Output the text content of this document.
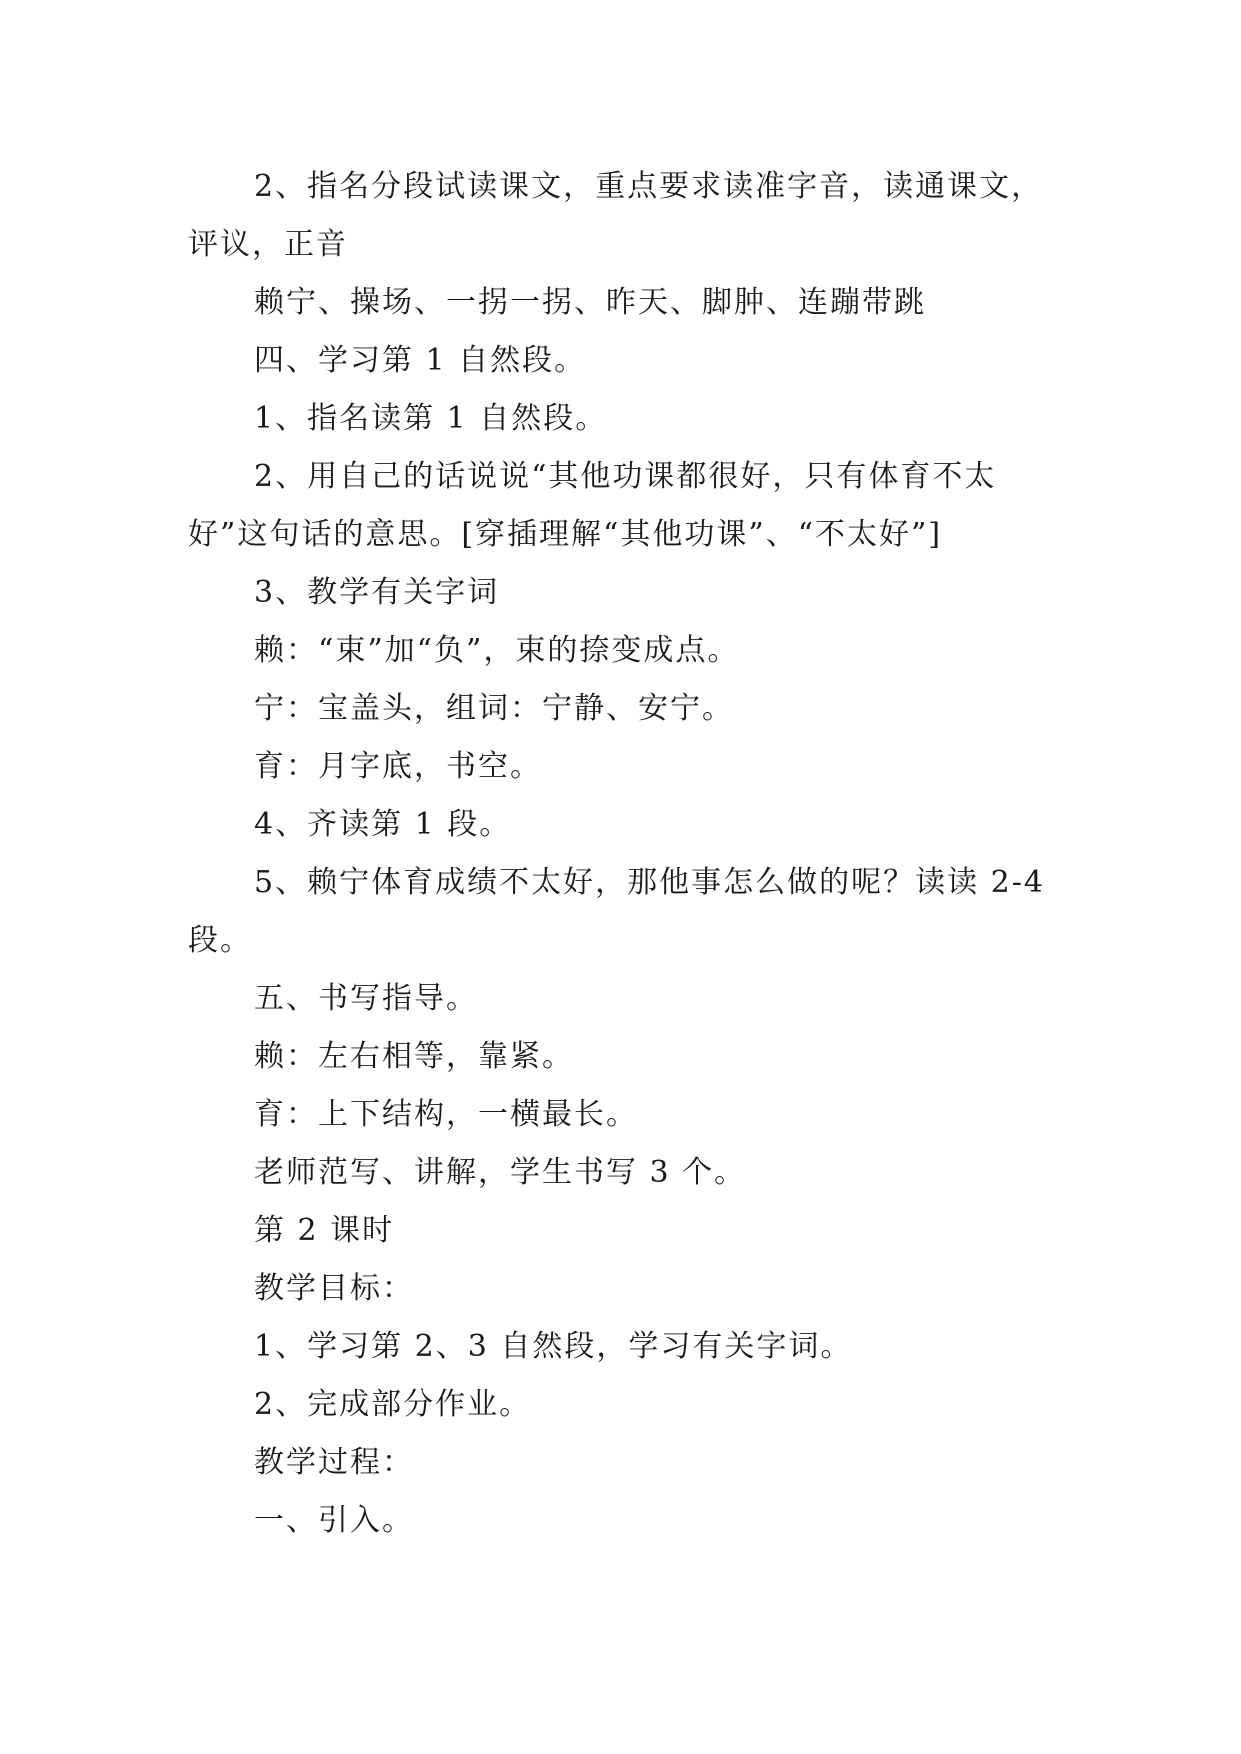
2、指名分段试读课文，重点要求读准字音，读通课文，评议，正音

赖宁、操场、一拐一拐、昨天、脚肿、连蹦带跳

四、学习第 1 自然段。

1、指名读第 1 自然段。

2、用自己的话说说“其他功课都很好，只有体育不太好”这句话的意思。[穿插理解“其他功课”、“不太好”]

3、教学有关字词

赖：“束”加“负”，束的捺变成点。

宁：宝盖头，组词：宁静、安宁。

育：月字底，书空。

4、齐读第 1 段。

5、赖宁体育成绩不太好，那他事怎么做的呢？读读 2-4 段。

五、书写指导。

赖：左右相等，靠紧。

育：上下结构，一横最长。

老师范写、讲解，学生书写 3 个。

第 2 课时

教学目标：

1、学习第 2、3 自然段，学习有关字词。

2、完成部分作业。

教学过程：

一、引入。
